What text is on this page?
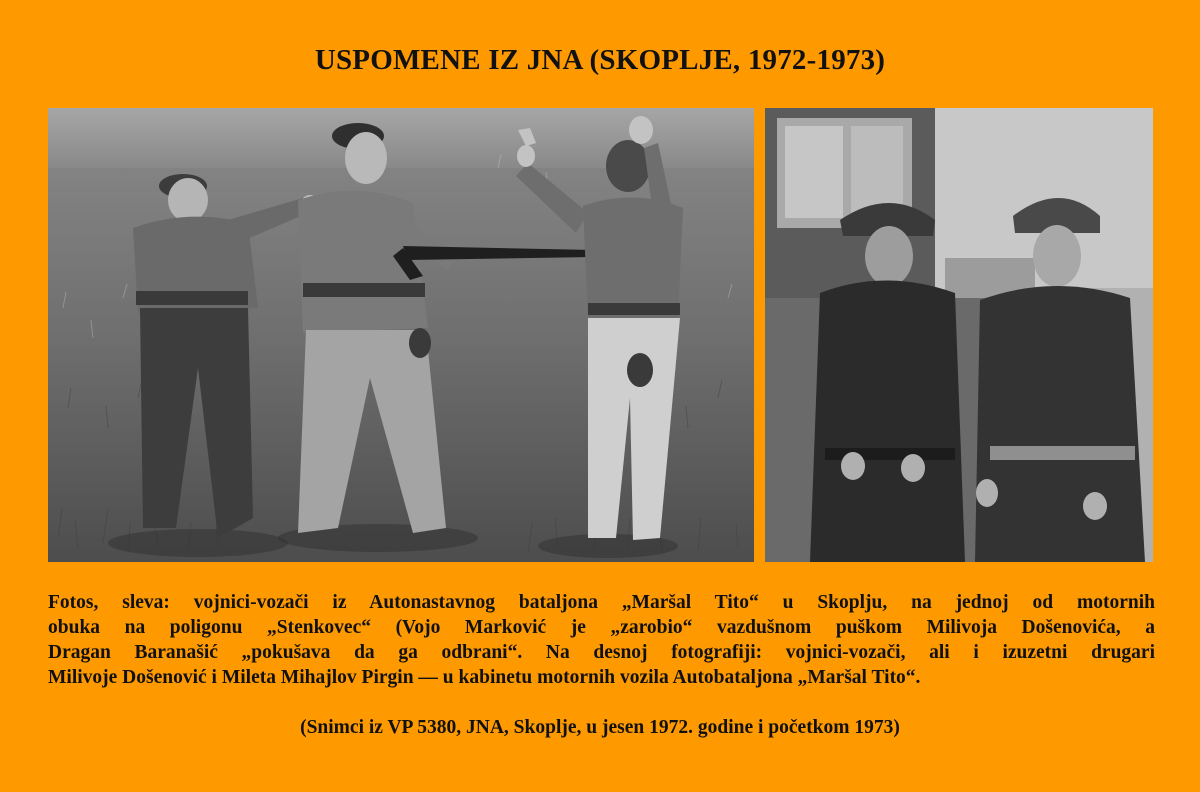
USPOMENE IZ JNA (SKOPLJE, 1972-1973)
Fotos, sleva: vojnici-vozači iz Autonastavnog bataljona „Maršal Tito“ u Skoplju, na jednoj od motornih
obuka na poligonu „Stenkovec“ (Vojo Marković je „zarobio“ vazdušnom puškom Milivoja Došenovića, a
Dragan Baranašić „pokušava da ga odbrani“. Na desnoj fotografiji: vojnici-vozači, ali i izuzetni drugari
Milivoje Došenović i Mileta Mihajlov Pirgin — u kabinetu motornih vozila Autobataljona „Maršal Tito“.
(Snimci iz VP 5380, JNA, Skoplje, u jesen 1972. godine i početkom 1973)
